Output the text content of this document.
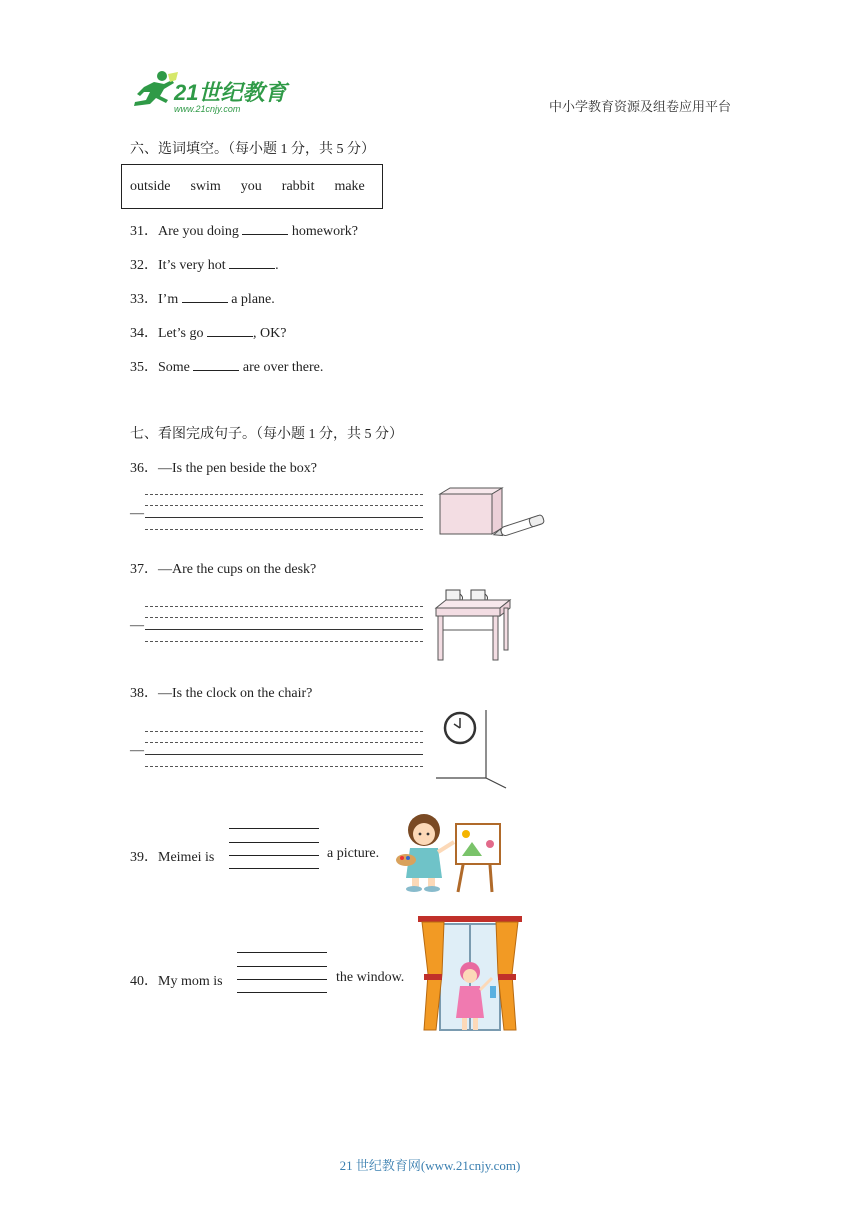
21世纪教育
www.21cnjy.com	中小学教育资源及组卷应用平台
六、选词填空。（每小题 1 分，共 5 分）
outside swim you rabbit make
31．Are you doing	homework?
32．It’s very hot	.
33．I’m	a plane.
34．Let’s go	, OK?
35．Some	are over there.
七、看图完成句子。（每小题 1 分，共 5 分）
36．—Is the pen beside the box?
—
37．—Are the cups on the desk?
—
38．—Is the clock on the chair?
—
39．Meimei is	a picture.
40．My mom is	the window.
21 世纪教育网(www.21cnjy.com)
